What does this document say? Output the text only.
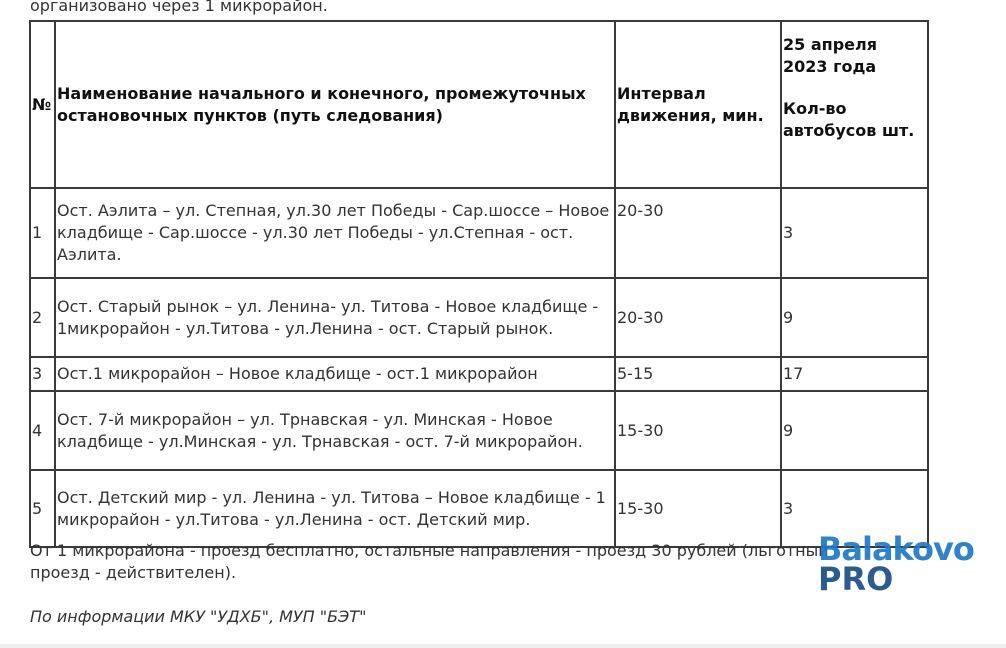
организовано через 1 микрорайон.
№	Наименование начального и конечного, промежуточных остановочных пунктов (путь следования)	Интервал движения, мин.	25 апреля 2023 года
Кол-во автобусов шт.

1	Ост. Аэлита – ул. Степная, ул.30 лет Победы - Сар.шоссе – Новое кладбище - Сар.шоссе - ул.30 лет Победы - ул.Степная - ост. Аэлита.	20-30	3
2	Ост. Старый рынок – ул. Ленина- ул. Титова - Новое кладбище - 1микрорайон - ул.Титова - ул.Ленина - ост. Старый рынок.	20-30	9
3	Ост.1 микрорайон – Новое кладбище - ост.1 микрорайон	5-15	17
4	Ост. 7-й микрорайон – ул. Трнавская - ул. Минская - Новое кладбище - ул.Минская - ул. Трнавская - ост. 7-й микрорайон.	15-30	9
5	Ост. Детский мир - ул. Ленина - ул. Титова – Новое кладбище - 1 микрорайон - ул.Титова - ул.Ленина - ост. Детский мир.	15-30	3
От 1 микрорайона - проезд бесплатно, остальные направления - проезд 30 рублей (льготный проезд - действителен).
По информации МКУ "УДХБ", МУП "БЭТ"
Balakovo
PRO
